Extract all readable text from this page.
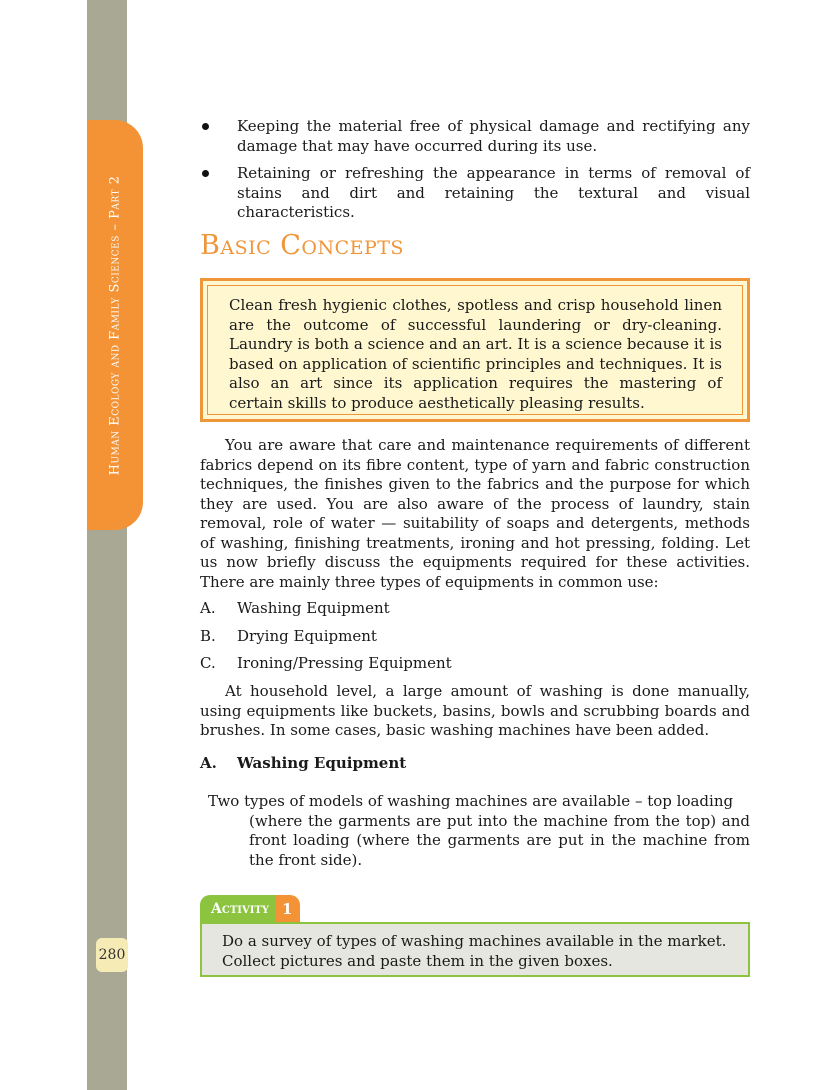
Human Ecology and Family Sciences – Part 2
280
Keeping the material free of physical damage and rectifying any damage that may have occurred during its use.
Retaining or refreshing the appearance in terms of removal of stains and dirt and retaining the textural and visual characteristics.
Basic Concepts

Clean fresh hygienic clothes, spotless and crisp household linen are the outcome of successful laundering or dry-cleaning. Laundry is both a science and an art. It is a science because it is based on application of scientific principles and techniques. It is also an art since its application requires the mastering of certain skills to produce aesthetically pleasing results.

You are aware that care and maintenance requirements of different fabrics depend on its fibre content, type of yarn and fabric construction techniques, the finishes given to the fabrics and the purpose for which they are used. You are also aware of the process of laundry, stain removal, role of water — suitability of soaps and detergents, methods of washing, finishing treatments, ironing and hot pressing, folding. Let us now briefly discuss the equipments required for these activities. There are mainly three types of equipments in common use:

A.	Washing Equipment
B.	Drying Equipment
C.	Ironing/Pressing Equipment

At household level, a large amount of washing is done manually, using equipments like buckets, basins, bowls and scrubbing boards and brushes. In some cases, basic washing machines have been added.

A.	Washing Equipment

Two types of models of washing machines are available – top loading
(where the garments are put into the machine from the top) and front loading (where the garments are put in the machine from the front side).

Activity 1

Do a survey of types of washing machines available in the market. Collect pictures and paste them in the given boxes.
